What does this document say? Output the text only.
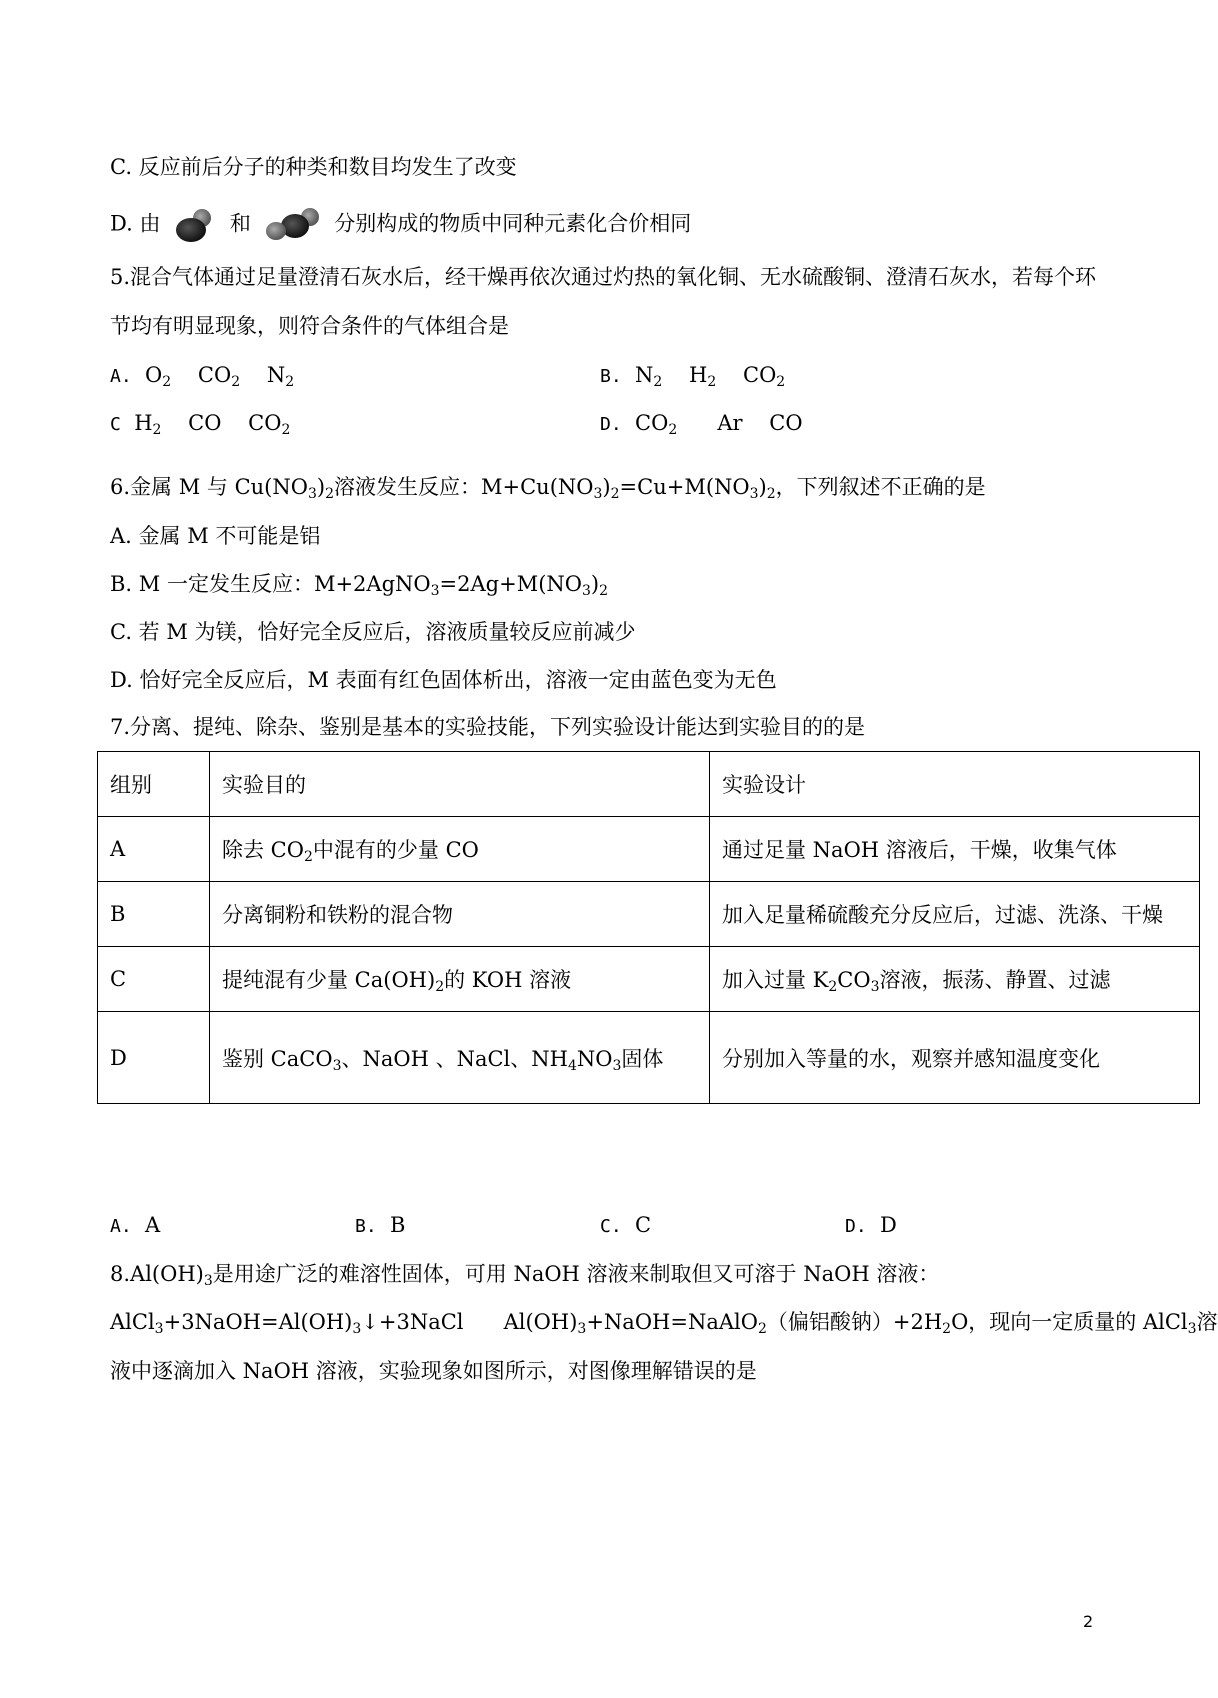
C. 反应前后分子的种类和数目均发生了改变
D. 由	和	分别构成的物质中同种元素化合价相同
5.混合气体通过足量澄清石灰水后，经干燥再依次通过灼热的氧化铜、无水硫酸铜、澄清石灰水，若每个环
节均有明显现象，则符合条件的气体组合是
A. $O_2$ $CO_2$ $N_2$	B. $N_2$ $H_2$ $CO_2$
C $H_2$ CO $CO_2$	D. $CO_2$ Ar CO
6.金属 M 与 $Cu(NO_3)_2$溶液发生反应：$M+Cu(NO_3)_2=Cu+M(NO_3)_2$，下列叙述不正确的是
A. 金属 M 不可能是铝
B. M 一定发生反应：$M+2AgNO_3=2Ag+M(NO_3)_2$
C. 若 M 为镁，恰好完全反应后，溶液质量较反应前减少
D. 恰好完全反应后，M 表面有红色固体析出，溶液一定由蓝色变为无色
7.分离、提纯、除杂、鉴别是基本的实验技能，下列实验设计能达到实验目的的是
组别	实验目的	实验设计
A	除去 $CO_2$中混有的少量 CO	通过足量 NaOH 溶液后，干燥，收集气体
B	分离铜粉和铁粉的混合物	加入足量稀硫酸充分反应后，过滤、洗涤、干燥
C	提纯混有少量 $Ca(OH)_2$的 KOH 溶液	加入过量 $K_2CO_3$溶液，振荡、静置、过滤
D	鉴别 CaCO$_3$、NaOH 、NaCl、$NH_4NO_3$固体	分别加入等量的水，观察并感知温度变化
A. A	B. B	C. C	D. D
$8.Al(OH)_3$是用途广泛的难溶性固体，可用 NaOH 溶液来制取但又可溶于 NaOH 溶液：
$AlCl_3+3NaOH=Al(OH)_3↓+3NaCl$ $Al(OH)_3+NaOH=NaAlO_2$（偏铝酸钠）$+2H_2O$，现向一定质量的 AlCl$_3$溶
液中逐滴加入 NaOH 溶液，实验现象如图所示，对图像理解错误的是
2
